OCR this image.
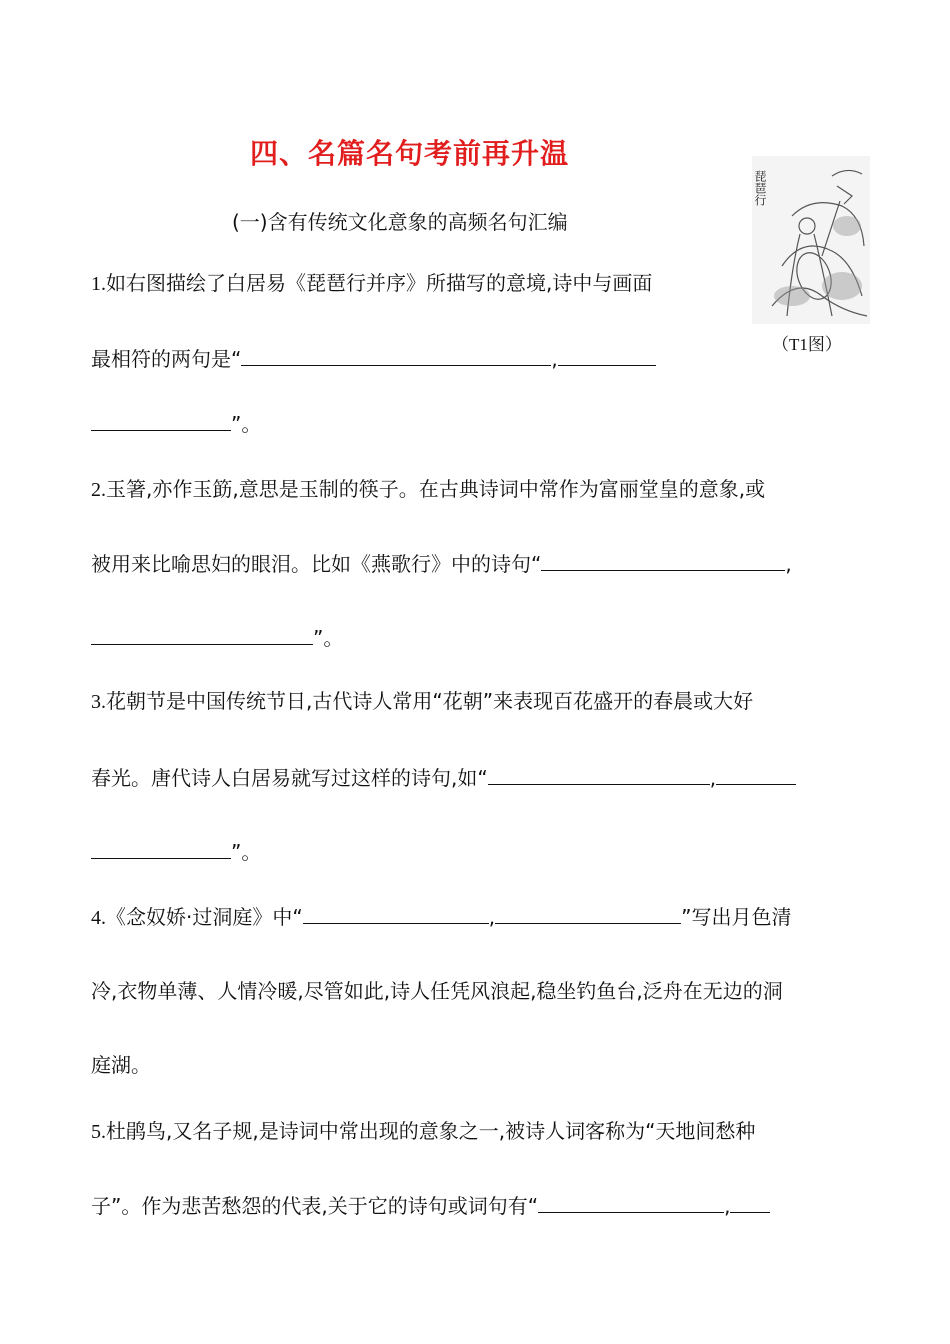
四、名篇名句考前再升温
(一)含有传统文化意象的高频名句汇编
琵琶行
（T1图）
1.如右图描绘了白居易《琵琶行并序》所描写的意境,诗中与画面
最相符的两句是“	,
”。
2.玉箸,亦作玉筯,意思是玉制的筷子。在古典诗词中常作为富丽堂皇的意象,或
被用来比喻思妇的眼泪。比如《燕歌行》中的诗句“	,
”。
3.花朝节是中国传统节日,古代诗人常用“花朝”来表现百花盛开的春晨或大好
春光。唐代诗人白居易就写过这样的诗句,如“	,
”。
4.《念奴娇·过洞庭》中“	,	”写出月色清
冷,衣物单薄、人情冷暖,尽管如此,诗人任凭风浪起,稳坐钓鱼台,泛舟在无边的洞
庭湖。
5.杜鹃鸟,又名子规,是诗词中常出现的意象之一,被诗人词客称为“天地间愁种
子”。作为悲苦愁怨的代表,关于它的诗句或词句有“	,
